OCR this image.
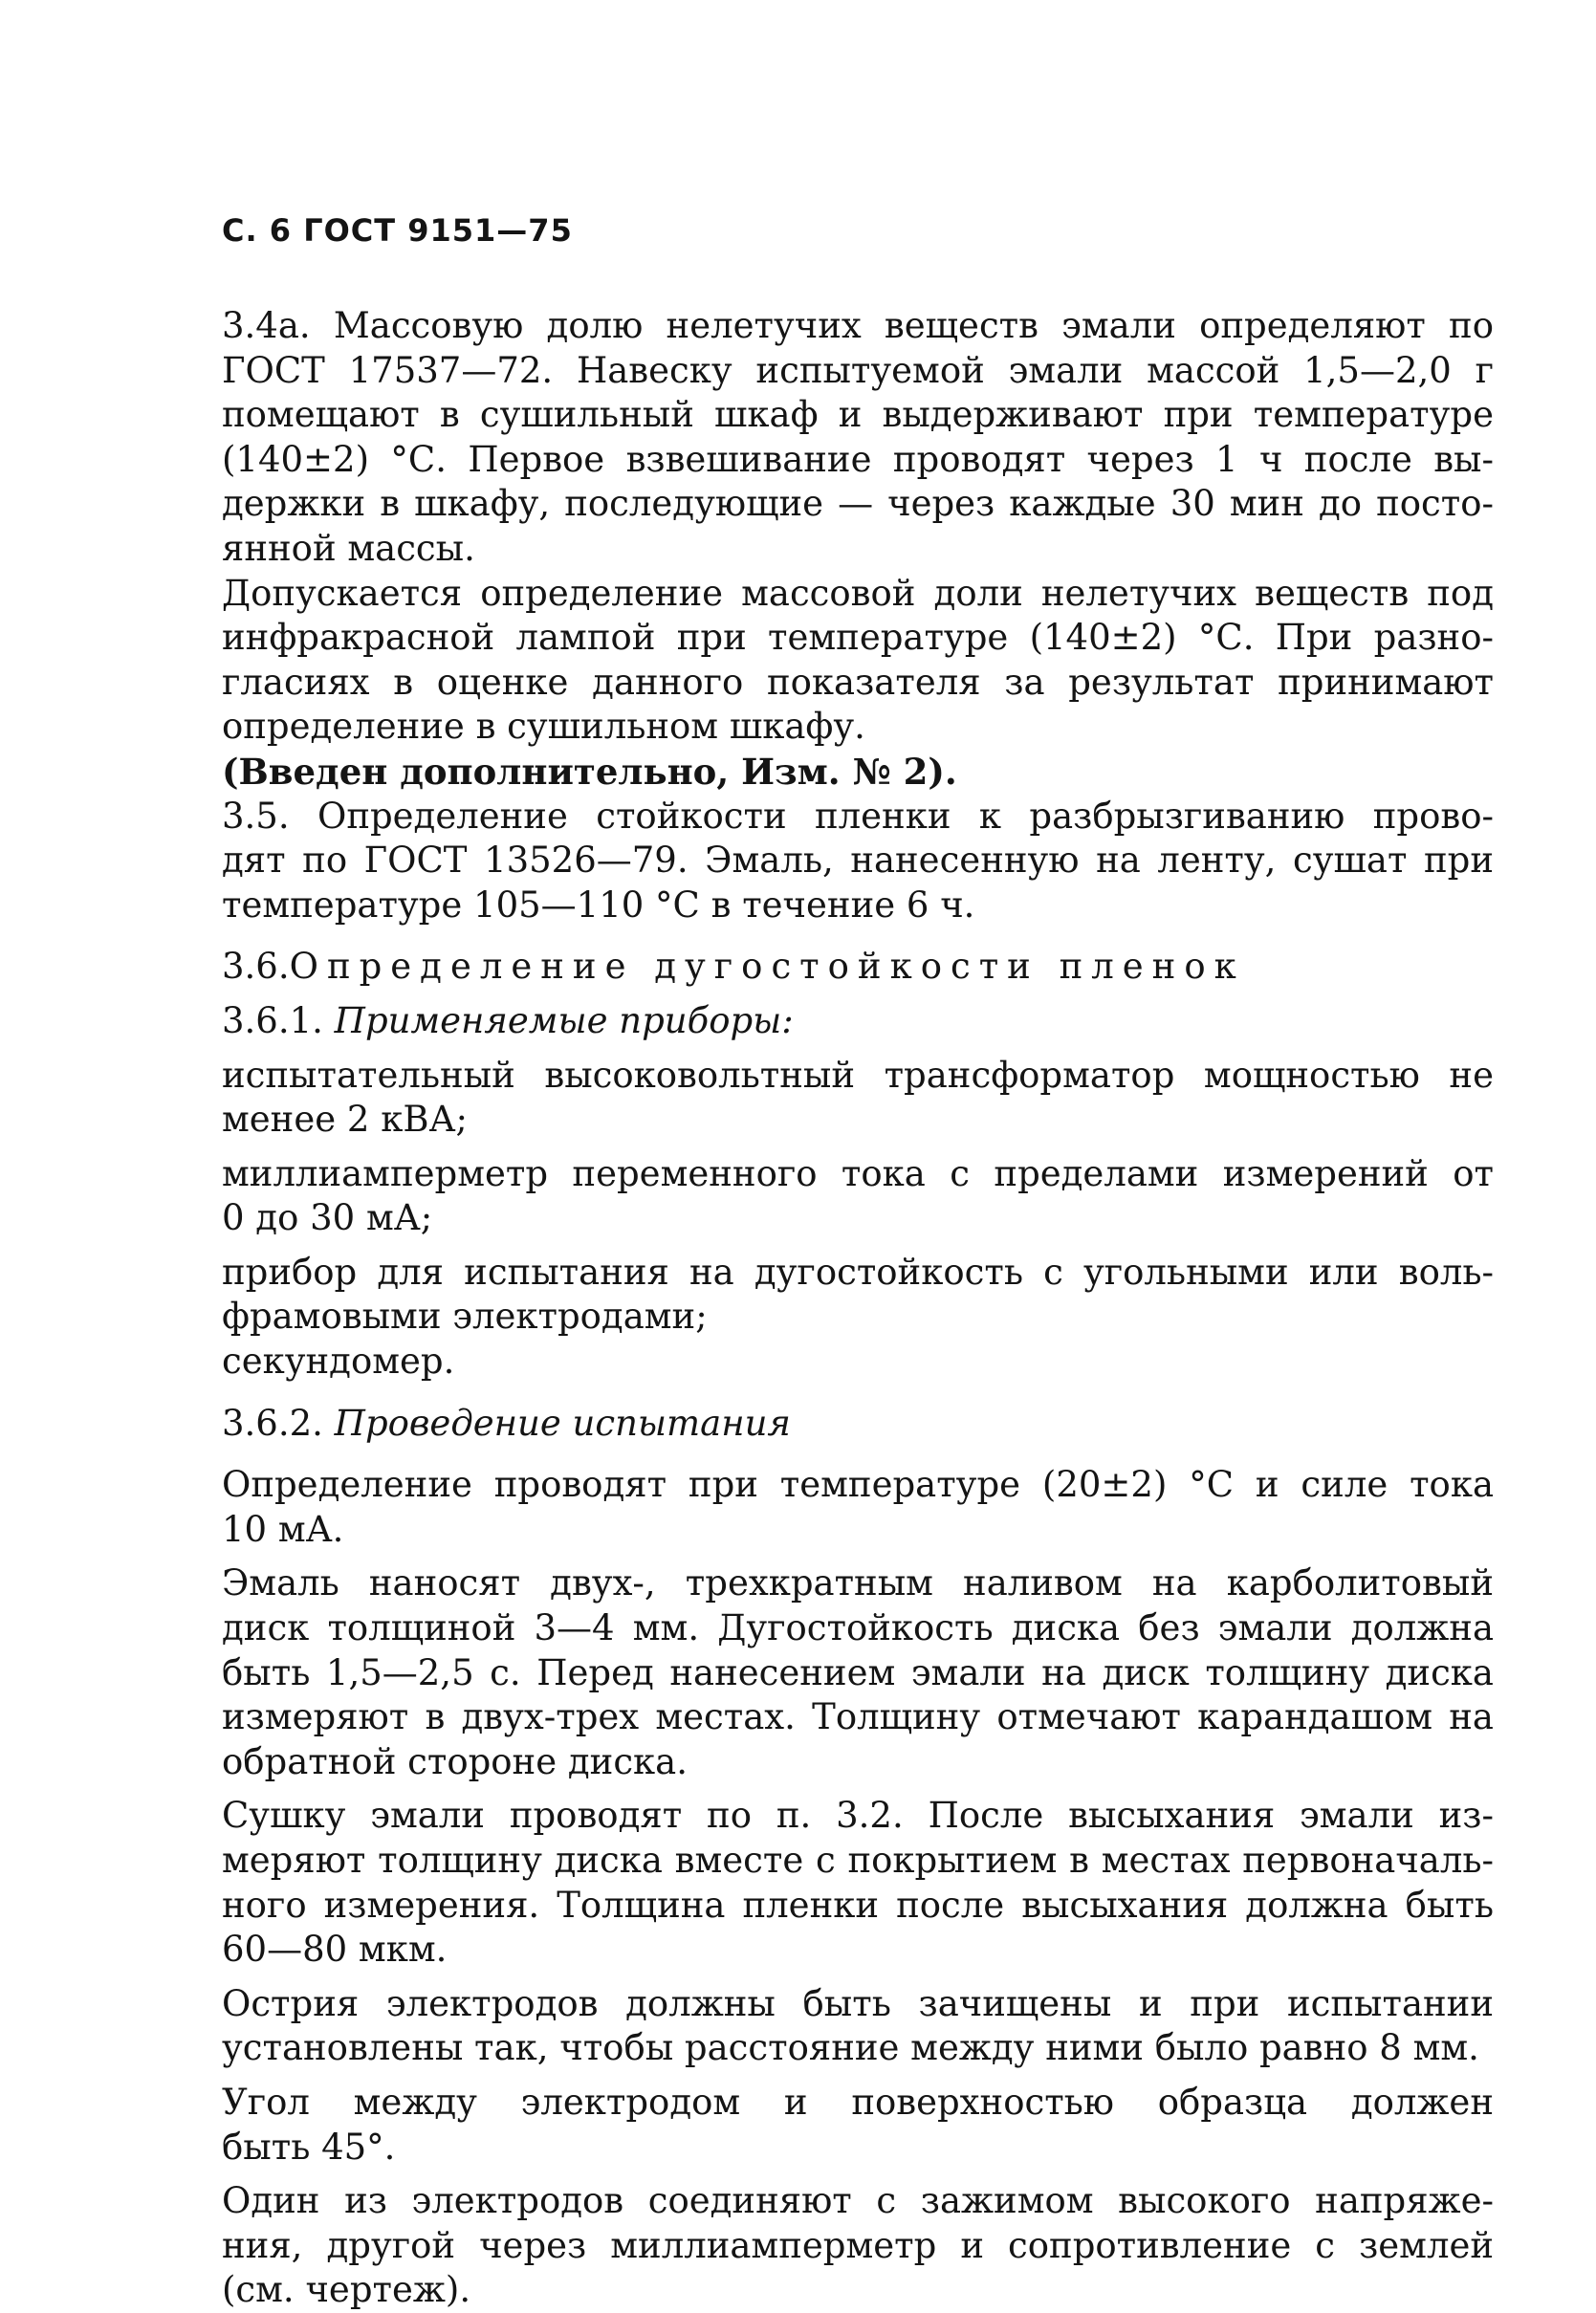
С. 6 ГОСТ 9151—75
3.4а. Массовую долю нелетучих веществ эмали определяют по
ГОСТ 17537—72. Навеску испытуемой эмали массой 1,5—2,0 г
помещают в сушильный шкаф и выдерживают при температуре
(140±2) °С. Первое взвешивание проводят через 1 ч после вы-
держки в шкафу, последующие — через каждые 30 мин до посто-
янной массы.
Допускается определение массовой доли нелетучих веществ под
инфракрасной лампой при температуре (140±2) °С. При разно-
гласиях в оценке данного показателя за результат принимают
определение в сушильном шкафу.
(Введен дополнительно, Изм. № 2).
3.5. Определение стойкости пленки к разбрызгиванию прово-
дят по ГОСТ 13526—79. Эмаль, нанесенную на ленту, сушат при
температуре 105—110 °С в течение 6 ч.
3.6.Определение дугостойкости пленок
3.6.1. Применяемые приборы:
испытательный высоковольтный трансформатор мощностью не
менее 2 кВА;
миллиамперметр переменного тока с пределами измерений от
0 до 30 мА;
прибор для испытания на дугостойкость с угольными или воль-
фрамовыми электродами;
секундомер.
3.6.2. Проведение испытания
Определение проводят при температуре (20±2) °С и силе тока
10 мА.
Эмаль наносят двух-, трехкратным наливом на карболитовый
диск толщиной 3—4 мм. Дугостойкость диска без эмали должна
быть 1,5—2,5 с. Перед нанесением эмали на диск толщину диска
измеряют в двух-трех местах. Толщину отмечают карандашом на
обратной стороне диска.
Сушку эмали проводят по п. 3.2. После высыхания эмали из-
меряют толщину диска вместе с покрытием в местах первоначаль-
ного измерения. Толщина пленки после высыхания должна быть
60—80 мкм.
Острия электродов должны быть зачищены и при испытании
установлены так, чтобы расстояние между ними было равно 8 мм.
Угол между электродом и поверхностью образца должен
быть 45°.
Один из электродов соединяют с зажимом высокого напряже-
ния, другой через миллиамперметр и сопротивление с землей
(см. чертеж).
